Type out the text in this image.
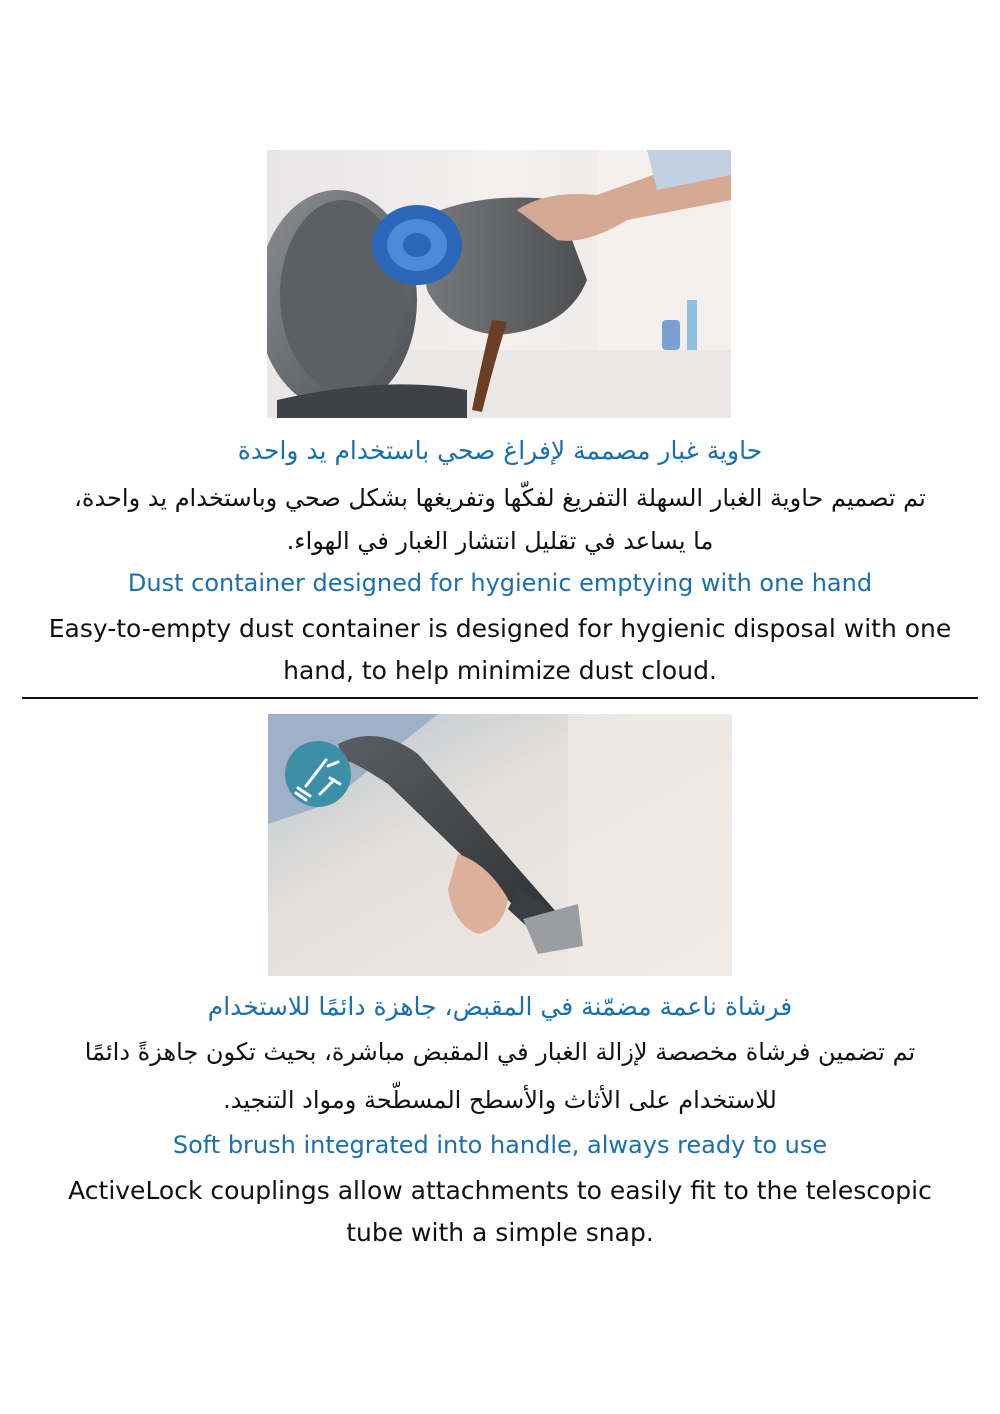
حاوية غبار مصممة لإفراغ صحي باستخدام يد واحدة

تم تصميم حاوية الغبار السهلة التفريغ لفكّها وتفريغها بشكل صحي وباستخدام يد واحدة،

ما يساعد في تقليل انتشار الغبار في الهواء.

Dust container designed for hygienic emptying with one hand

Easy-to-empty dust container is designed for hygienic disposal with one

hand, to help minimize dust cloud.

فرشاة ناعمة مضمّنة في المقبض، جاهزة دائمًا للاستخدام

تم تضمين فرشاة مخصصة لإزالة الغبار في المقبض مباشرة، بحيث تكون جاهزةً دائمًا

للاستخدام على الأثاث والأسطح المسطّحة ومواد التنجيد.

Soft brush integrated into handle, always ready to use

ActiveLock couplings allow attachments to easily fit to the telescopic

tube with a simple snap.
